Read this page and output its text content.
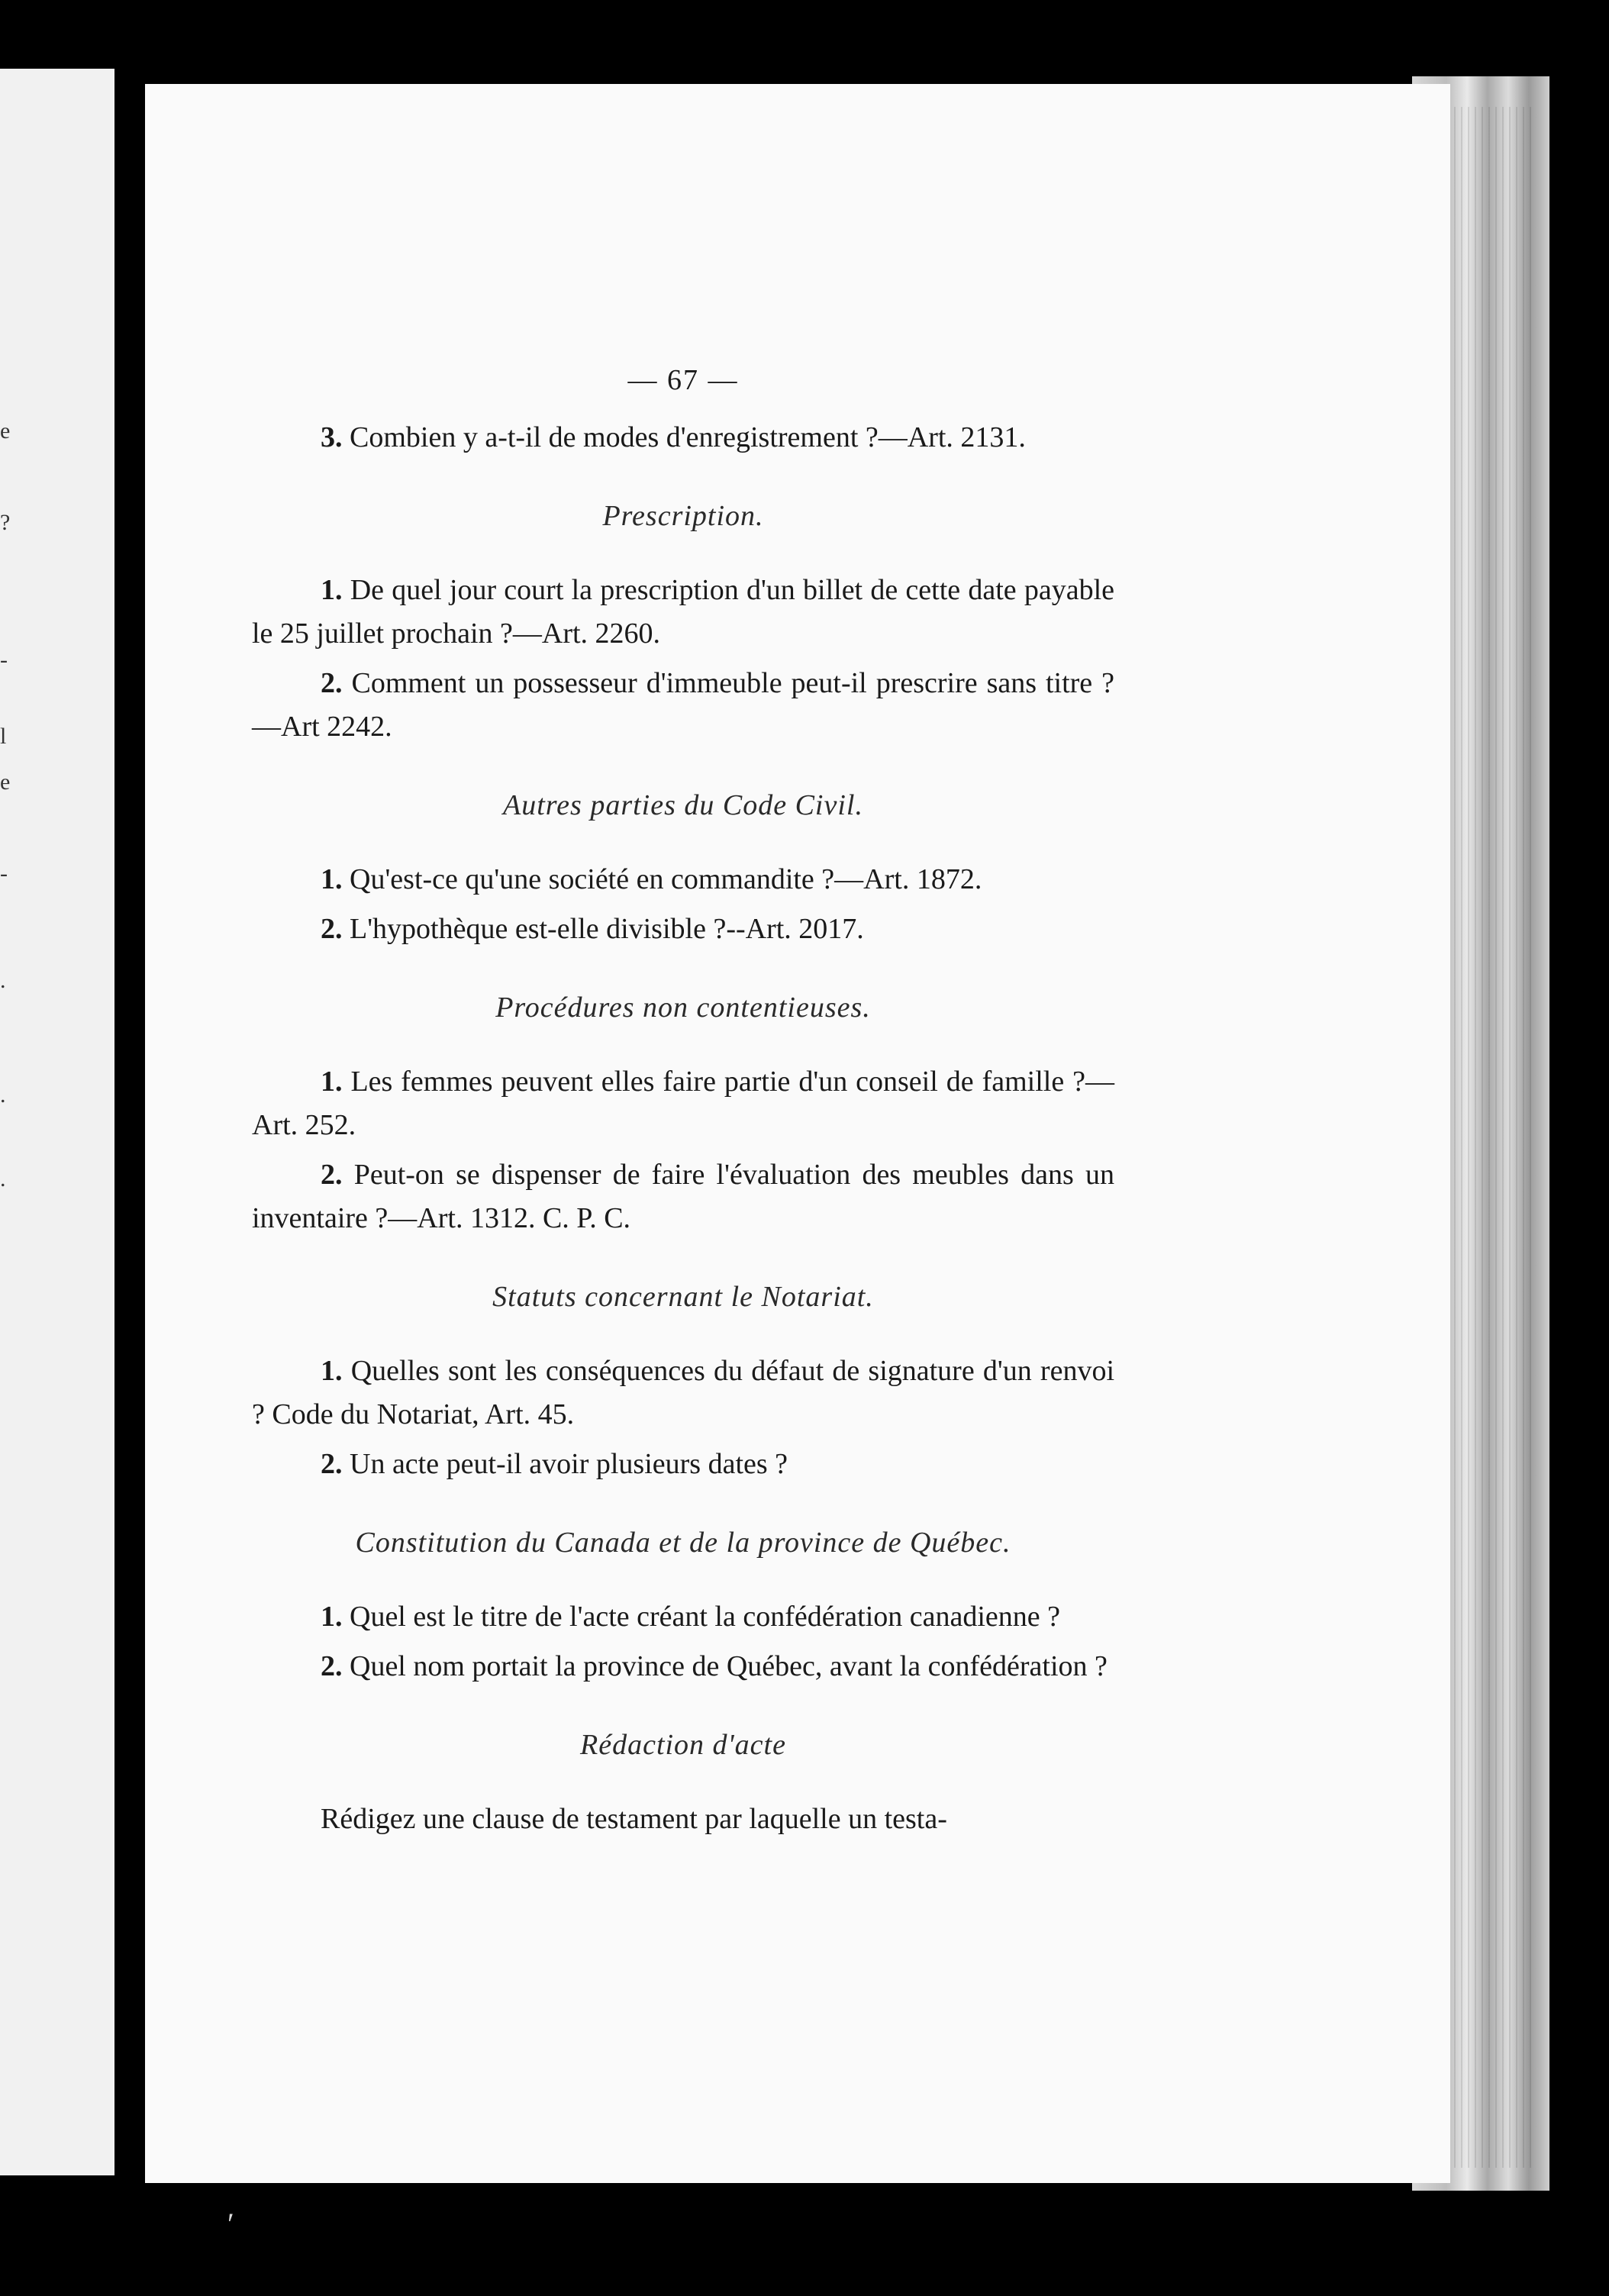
e
?
-
l
e
-
.
.
.
— 67 —

3. Combien y a-t-il de modes d'enregistrement ?—Art. 2131.

Prescription.

1. De quel jour court la prescription d'un billet de cette date payable le 25 juillet prochain ?—Art. 2260.

2. Comment un possesseur d'immeuble peut-il prescrire sans titre ?—Art 2242.

Autres parties du Code Civil.

1. Qu'est-ce qu'une société en commandite ?—Art. 1872.

2. L'hypothèque est-elle divisible ?--Art. 2017.

Procédures non contentieuses.

1. Les femmes peuvent elles faire partie d'un conseil de famille ?—Art. 252.

2. Peut-on se dispenser de faire l'évaluation des meubles dans un inventaire ?—Art. 1312. C. P. C.

Statuts concernant le Notariat.

1. Quelles sont les conséquences du défaut de signature d'un renvoi ? Code du Notariat, Art. 45.

2. Un acte peut-il avoir plusieurs dates ?

Constitution du Canada et de la province de Québec.

1. Quel est le titre de l'acte créant la confédération canadienne ?

2. Quel nom portait la province de Québec, avant la confédération ?

Rédaction d'acte

Rédigez une clause de testament par laquelle un testa-

ʹ
